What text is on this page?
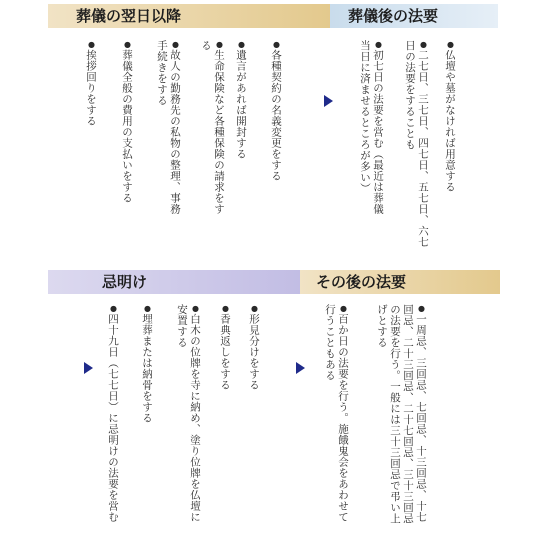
葬儀の翌日以降
●挨拶回りをする
●葬儀全般の費用の支払いをする
●故人の勤務先の私物の整理、事務手続きをする	●生命保険など各種保険の請求をする	●遺言があれば開封する
●各種契約の名義変更をする
葬儀後の法要
●初七日の法要を営む（最近は葬儀当日に済ませるところが多い）	●二七日、三七日、四七日、五七日、六七日の法要をすることも	●仏壇や墓がなければ用意する
忌明け
●四十九日（七七日）に忌明けの法要を営む
●埋葬または納骨をする
●白木の位牌を寺に納め、塗り位牌を仏壇に安置する	●香典返しをする
●形見分けをする
その後の法要
●百か日の法要を行う。施餓鬼会をあわせて行うこともある	●一周忌、三回忌、七回忌、十三回忌、十七回忌、二十三回忌、二十七回忌、三十三回忌の法要を行う。一般には三十三回忌で弔い上げとする
